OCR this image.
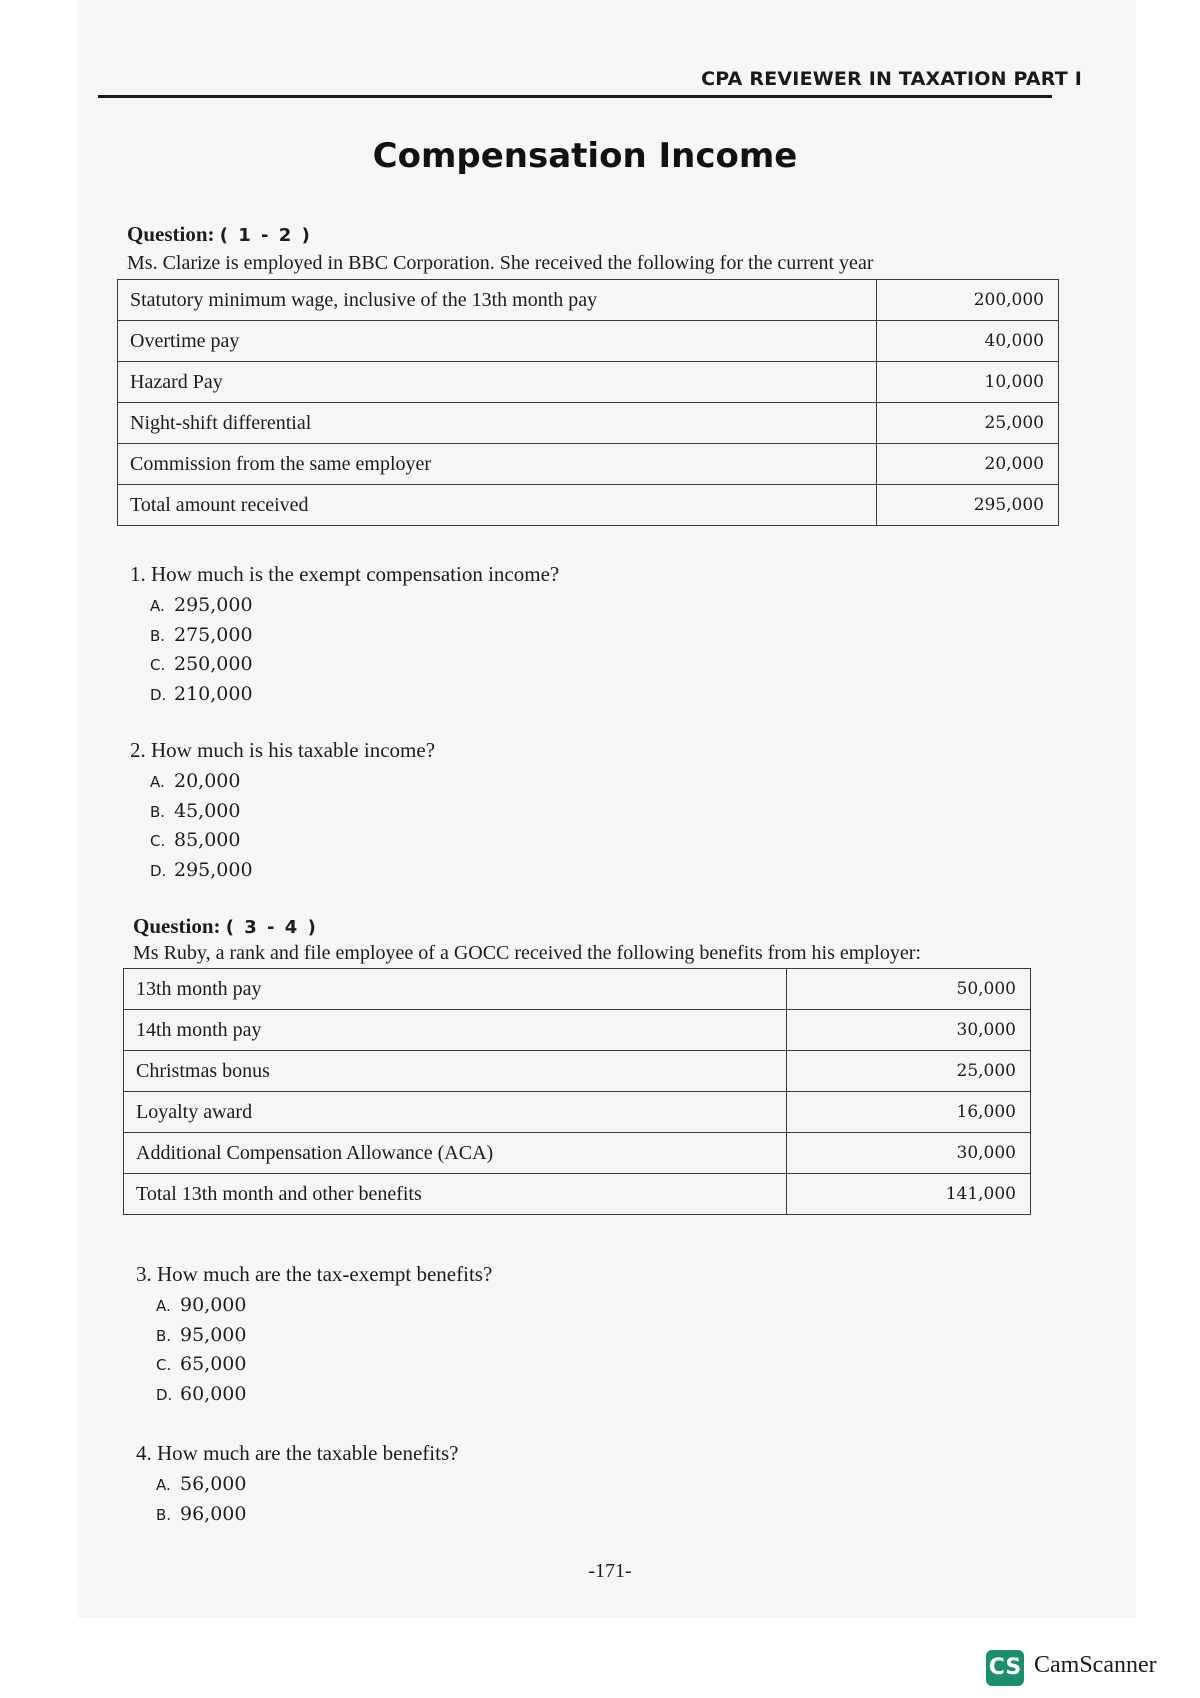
CPA REVIEWER IN TAXATION PART I
Compensation Income
Question: ( 1 - 2 )
Ms. Clarize is employed in BBC Corporation. She received the following for the current year
Statutory minimum wage, inclusive of the 13th month pay	200,000
Overtime pay	40,000
Hazard Pay	10,000
Night-shift differential	25,000
Commission from the same employer	20,000
Total amount received	295,000
1. How much is the exempt compensation income?
A. 295,000
B. 275,000
C. 250,000
D. 210,000
2. How much is his taxable income?
A. 20,000
B. 45,000
C. 85,000
D. 295,000
Question: ( 3 - 4 )
Ms Ruby, a rank and file employee of a GOCC received the following benefits from his employer:
13th month pay	50,000
14th month pay	30,000
Christmas bonus	25,000
Loyalty award	16,000
Additional Compensation Allowance (ACA)	30,000
Total 13th month and other benefits	141,000
3. How much are the tax-exempt benefits?
A. 90,000
B. 95,000
C. 65,000
D. 60,000
4. How much are the taxable benefits?
A. 56,000
B. 96,000
-171-
CS CamScanner
